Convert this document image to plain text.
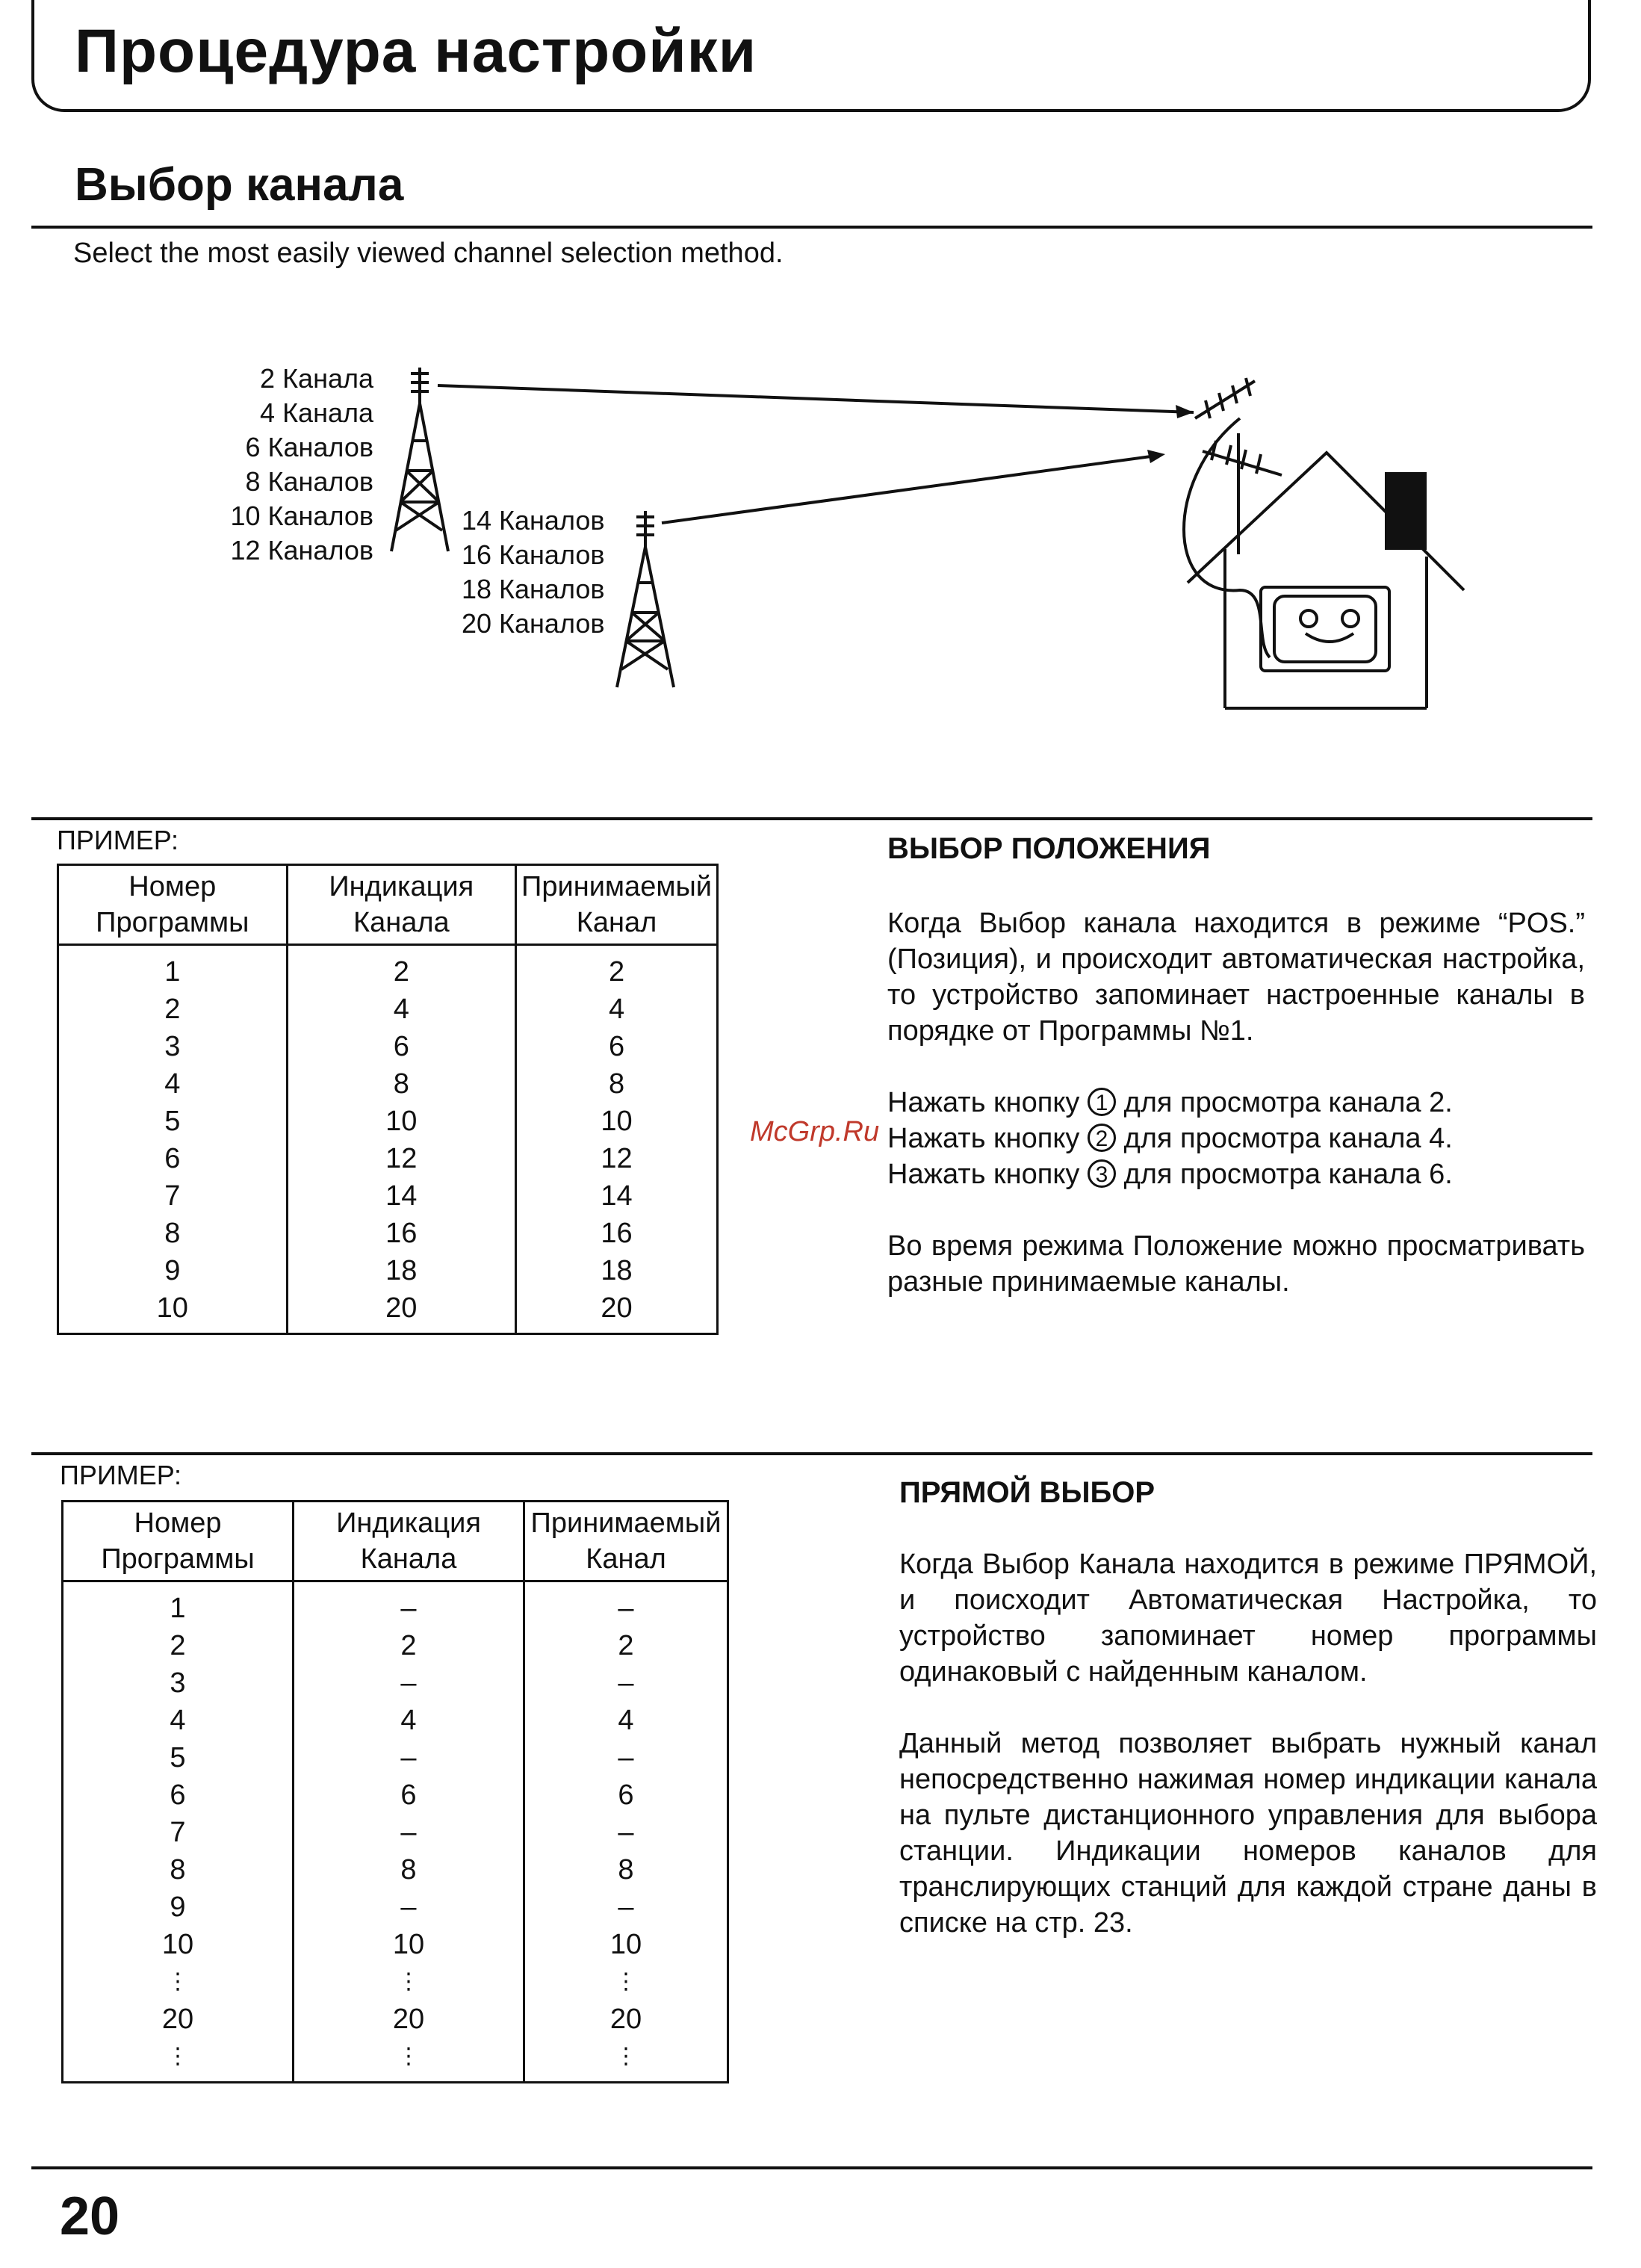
Процедура настройки
Выбор канала
Select the most easily viewed channel selection method.
2 Канала
4 Канала
6 Каналов
8 Каналов
10 Каналов
12 Каналов
14 Каналов
16 Каналов
18 Каналов
20 Каналов
ПРИМЕР:
Номер Программы	Индикация Канала	Принимаемый Канал
1	2	2
2	4	4
3	6	6
4	8	8
5	10	10
6	12	12
7	14	14
8	16	16
9	18	18
10	20	20
ВЫБОР ПОЛОЖЕНИЯ

Когда Выбор канала находится в режиме “POS.” (Позиция), и происходит автоматическая настройка, то устройство запоминает настроенные каналы в порядке от Программы №1.

Нажать кнопку 1 для просмотра канала 2.
Нажать кнопку 2 для просмотра канала 4.
Нажать кнопку 3 для просмотра канала 6.

Во время режима Положение можно просматривать разные принимаемые каналы.

McGrp.Ru
ПРИМЕР:
Номер Программы	Индикация Канала	Принимаемый Канал
1	–	–
2	2	2
3	–	–
4	4	4
5	–	–
6	6	6
7	–	–
8	8	8
9	–	–
10	10	10
⋮	⋮	⋮
20	20	20
⋮	⋮	⋮
ПРЯМОЙ ВЫБОР

Когда Выбор Канала находится в режиме ПРЯМОЙ, и поисходит Автоматическая Настройка, то устройство запоминает номер программы одинаковый с найденным каналом.

Данный метод позволяет выбрать нужный канал непосредственно нажимая номер индикации канала на пульте дистанционного управления для выбора станции. Индикации номеров каналов для транслирующих станций для каждой стране даны в списке на стр. 23.

20
